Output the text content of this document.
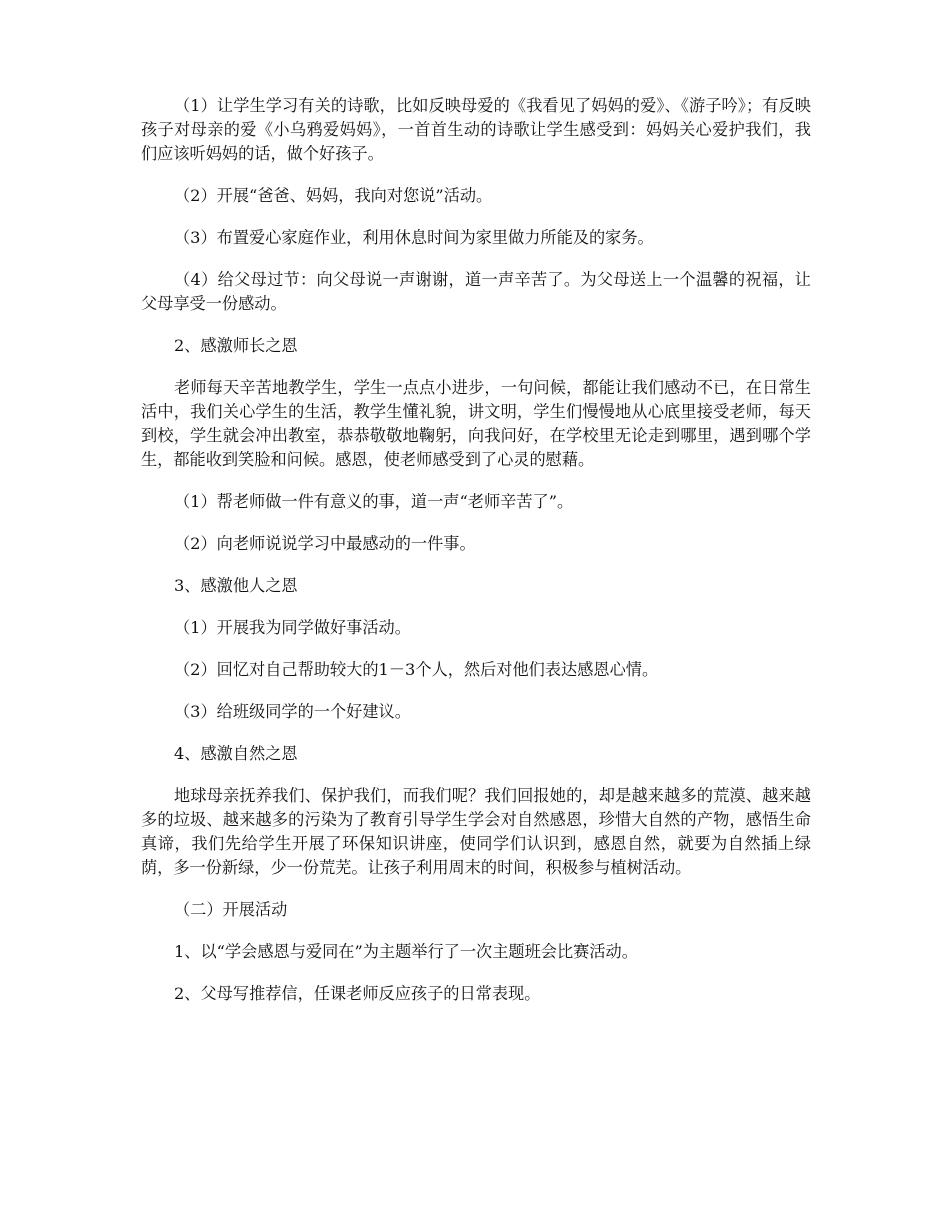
（1）让学生学习有关的诗歌，比如反映母爱的《我看见了妈妈的爱》、《游子吟》；有反映孩子对母亲的爱《小乌鸦爱妈妈》，一首首生动的诗歌让学生感受到：妈妈关心爱护我们，我们应该听妈妈的话，做个好孩子。

（2）开展“爸爸、妈妈，我向对您说”活动。

（3）布置爱心家庭作业，利用休息时间为家里做力所能及的家务。

（4）给父母过节：向父母说一声谢谢，道一声辛苦了。为父母送上一个温馨的祝福，让父母享受一份感动。

2、感激师长之恩

老师每天辛苦地教学生，学生一点点小进步，一句问候，都能让我们感动不已，在日常生活中，我们关心学生的生活，教学生懂礼貌，讲文明，学生们慢慢地从心底里接受老师，每天到校，学生就会冲出教室，恭恭敬敬地鞠躬，向我问好，在学校里无论走到哪里，遇到哪个学生，都能收到笑脸和问候。感恩，使老师感受到了心灵的慰藉。

（1）帮老师做一件有意义的事，道一声“老师辛苦了”。

（2）向老师说说学习中最感动的一件事。

3、感激他人之恩

（1）开展我为同学做好事活动。

（2）回忆对自己帮助较大的1－3个人，然后对他们表达感恩心情。

（3）给班级同学的一个好建议。

4、感激自然之恩

地球母亲抚养我们、保护我们，而我们呢？我们回报她的，却是越来越多的荒漠、越来越多的垃圾、越来越多的污染为了教育引导学生学会对自然感恩，珍惜大自然的产物，感悟生命真谛，我们先给学生开展了环保知识讲座，使同学们认识到，感恩自然，就要为自然插上绿荫，多一份新绿，少一份荒芜。让孩子利用周末的时间，积极参与植树活动。

（二）开展活动

1、以“学会感恩与爱同在”为主题举行了一次主题班会比赛活动。

2、父母写推荐信，任课老师反应孩子的日常表现。
